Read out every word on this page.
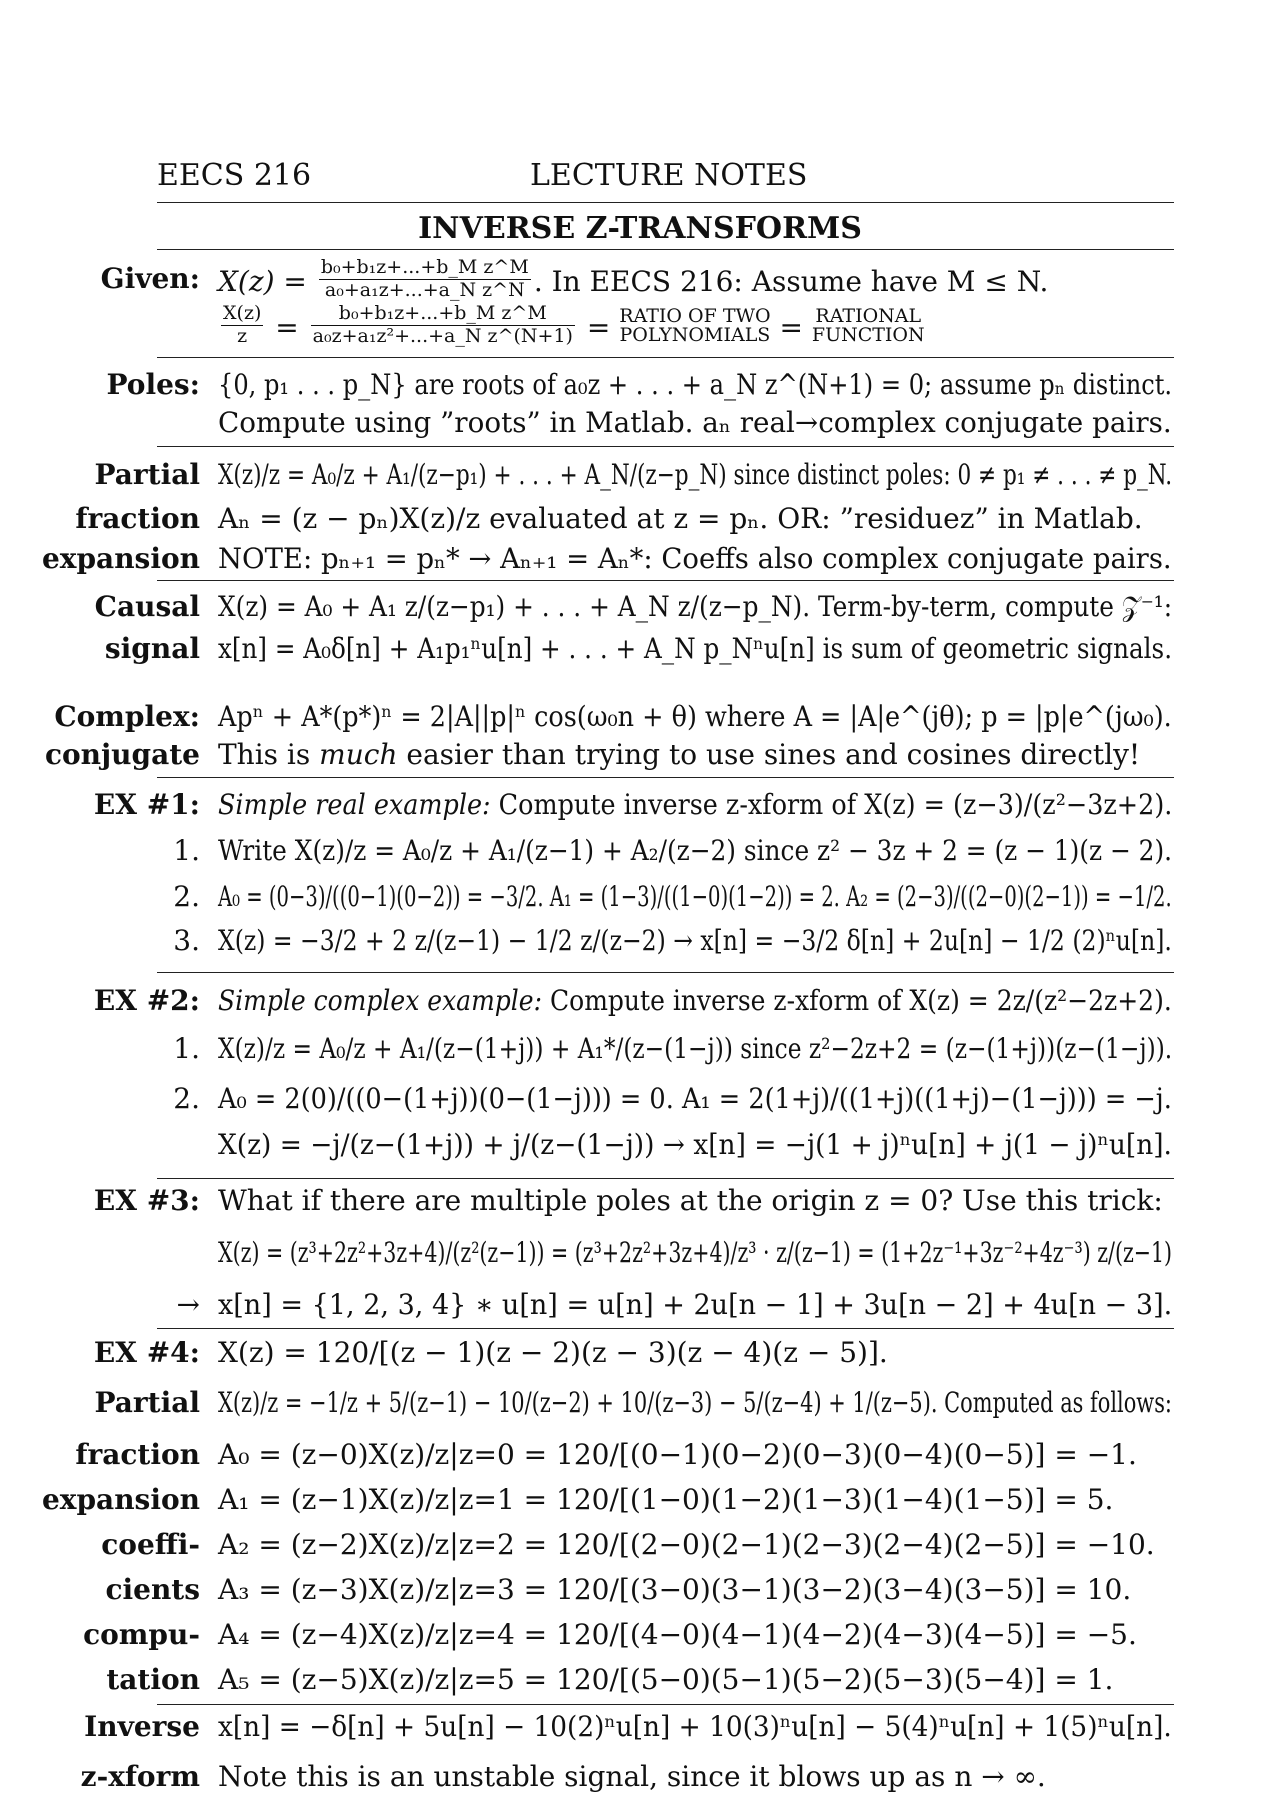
EECS 216	LECTURE NOTES
INVERSE Z-TRANSFORMS
Given: $X(z) = \frac{\text{b₀+b₁z+...+b\_M z\textasciicircum{}M}}{\text{a₀+a₁z+...+a\_N z\textasciicircum{}N}}$ . In EECS 216: Assume have M ≤ N.
$\frac{X(z)}{z} = \frac{\text{b₀+b₁z+...+b\_M z\textasciicircum{}M}}{\text{a₀z+a₁z²+...+a\_N z\textasciicircum{}(N+1)}}$ = RATIO OF TWO
POLYNOMIALS = RATIONAL
FUNCTION
Poles: {0, p₁ . . . p_N} are roots of a₀z + . . . + a_N z^(N+1) = 0; assume pₙ distinct.
Compute using ”roots” in Matlab. aₙ real→complex conjugate pairs.
Partial X(z)/z = A₀/z + A₁/(z−p₁) + . . . + A_N/(z−p_N) since distinct poles: 0 ≠ p₁ ≠ . . . ≠ p_N.
fraction Aₙ = (z − pₙ)X(z)/z evaluated at z = pₙ. OR: ”residuez” in Matlab.
expansion NOTE: pₙ₊₁ = pₙ* → Aₙ₊₁ = Aₙ*: Coeffs also complex conjugate pairs.
Causal X(z) = A₀ + A₁ z/(z−p₁) + . . . + A_N z/(z−p_N). Term-by-term, compute 𝒵⁻¹:
signal x[n] = A₀δ[n] + A₁p₁ⁿu[n] + . . . + A_N p_Nⁿu[n] is sum of geometric signals.
Complex: Apⁿ + A*(p*)ⁿ = 2|A||p|ⁿ cos(ω₀n + θ) where A = |A|e^(jθ); p = |p|e^(jω₀).
conjugate This is much easier than trying to use sines and cosines directly!
EX #1: Simple real example: Compute inverse z-xform of X(z) = (z−3)/(z²−3z+2).
1. Write X(z)/z = A₀/z + A₁/(z−1) + A₂/(z−2) since z² − 3z + 2 = (z − 1)(z − 2).
2. A₀ = (0−3)/((0−1)(0−2)) = −3/2. A₁ = (1−3)/((1−0)(1−2)) = 2. A₂ = (2−3)/((2−0)(2−1)) = −1/2.
3. X(z) = −3/2 + 2 z/(z−1) − 1/2 z/(z−2) → x[n] = −3/2 δ[n] + 2u[n] − 1/2 (2)ⁿu[n].
EX #2: Simple complex example: Compute inverse z-xform of X(z) = 2z/(z²−2z+2).
1. X(z)/z = A₀/z + A₁/(z−(1+j)) + A₁*/(z−(1−j)) since z²−2z+2 = (z−(1+j))(z−(1−j)).
2. A₀ = 2(0)/((0−(1+j))(0−(1−j))) = 0. A₁ = 2(1+j)/((1+j)((1+j)−(1−j))) = −j.
X(z) = −j/(z−(1+j)) + j/(z−(1−j)) → x[n] = −j(1 + j)ⁿu[n] + j(1 − j)ⁿu[n].
EX #3: What if there are multiple poles at the origin z = 0? Use this trick:
X(z) = (z³+2z²+3z+4)/(z²(z−1)) = (z³+2z²+3z+4)/z³ · z/(z−1) = (1+2z⁻¹+3z⁻²+4z⁻³) z/(z−1)
→ x[n] = {1, 2, 3, 4} ∗ u[n] = u[n] + 2u[n − 1] + 3u[n − 2] + 4u[n − 3].
EX #4: X(z) = 120/[(z − 1)(z − 2)(z − 3)(z − 4)(z − 5)].
Partial X(z)/z = −1/z + 5/(z−1) − 10/(z−2) + 10/(z−3) − 5/(z−4) + 1/(z−5). Computed as follows:
fraction A₀ = (z−0)X(z)/z|z=0 = 120/[(0−1)(0−2)(0−3)(0−4)(0−5)] = −1.
expansion A₁ = (z−1)X(z)/z|z=1 = 120/[(1−0)(1−2)(1−3)(1−4)(1−5)] = 5.
coeffi- A₂ = (z−2)X(z)/z|z=2 = 120/[(2−0)(2−1)(2−3)(2−4)(2−5)] = −10.
cients A₃ = (z−3)X(z)/z|z=3 = 120/[(3−0)(3−1)(3−2)(3−4)(3−5)] = 10.
compu- A₄ = (z−4)X(z)/z|z=4 = 120/[(4−0)(4−1)(4−2)(4−3)(4−5)] = −5.
tation A₅ = (z−5)X(z)/z|z=5 = 120/[(5−0)(5−1)(5−2)(5−3)(5−4)] = 1.
Inverse x[n] = −δ[n] + 5u[n] − 10(2)ⁿu[n] + 10(3)ⁿu[n] − 5(4)ⁿu[n] + 1(5)ⁿu[n].
z-xform Note this is an unstable signal, since it blows up as n → ∞.
